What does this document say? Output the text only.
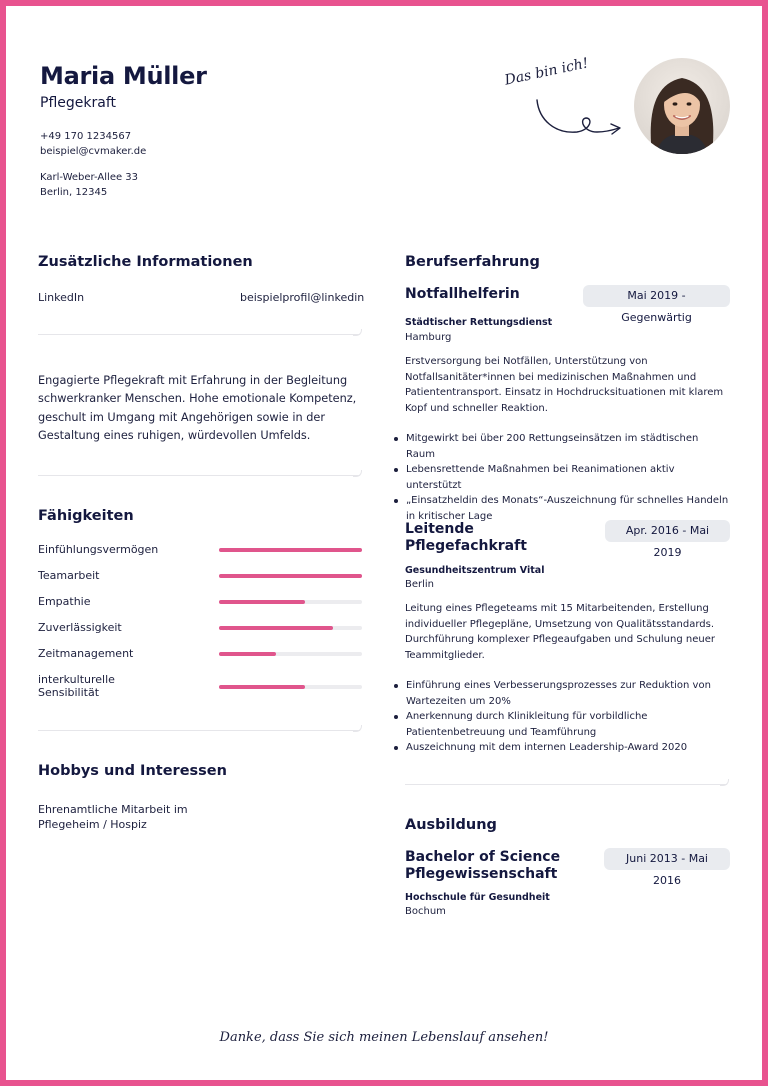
Maria Müller
Pflegekraft
+49 170 1234567
beispiel@cvmaker.de
Karl-Weber-Allee 33
Berlin, 12345
Das bin ich!
Zusätzliche Informationen
LinkedIn	beispielprofil@linkedin
Engagierte Pflegekraft mit Erfahrung in der Begleitung schwerkranker Menschen. Hohe emotionale Kompetenz, geschult im Umgang mit Angehörigen sowie in der Gestaltung eines ruhigen, würdevollen Umfelds.
Fähigkeiten
Einfühlungsvermögen
Teamarbeit
Empathie
Zuverlässigkeit
Zeitmanagement
interkulturelle Sensibilität
Hobbys und Interessen
Ehrenamtliche Mitarbeit im Pflegeheim / Hospiz
Berufserfahrung
Notfallhelferin	Mai 2019 - Gegenwärtig
Städtischer Rettungsdienst
Hamburg
Erstversorgung bei Notfällen, Unterstützung von Notfallsanitäter*innen bei medizinischen Maßnahmen und Patiententransport. Einsatz in Hochdrucksituationen mit klarem Kopf und schneller Reaktion.
Mitgewirkt bei über 200 Rettungseinsätzen im städtischen Raum
Lebensrettende Maßnahmen bei Reanimationen aktiv unterstützt
„Einsatzheldin des Monats“-Auszeichnung für schnelles Handeln in kritischer Lage
Leitende Pflegefachkraft
Apr. 2016 - Mai 2019
Gesundheitszentrum Vital
Berlin
Leitung eines Pflegeteams mit 15 Mitarbeitenden, Erstellung individueller Pflegepläne, Umsetzung von Qualitätsstandards. Durchführung komplexer Pflegeaufgaben und Schulung neuer Teammitglieder.
Einführung eines Verbesserungsprozesses zur Reduktion von Wartezeiten um 20%
Anerkennung durch Klinikleitung für vorbildliche Patientenbetreuung und Teamführung
Auszeichnung mit dem internen Leadership-Award 2020
Ausbildung
Bachelor of Science Pflegewissenschaft
Juni 2013 - Mai 2016
Hochschule für Gesundheit
Bochum
Danke, dass Sie sich meinen Lebenslauf ansehen!
